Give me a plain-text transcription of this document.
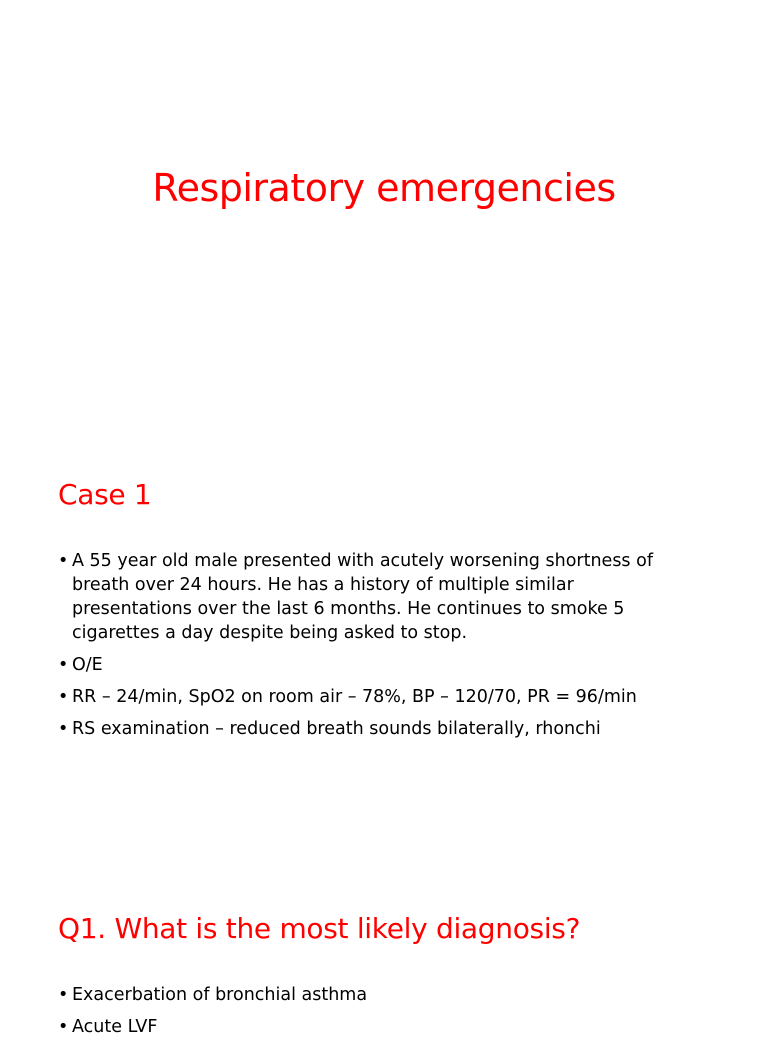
Respiratory emergencies
Case 1
• A 55 year old male presented with acutely worsening shortness of breath over 24 hours. He has a history of multiple similar presentations over the last 6 months. He continues to smoke 5 cigarettes a day despite being asked to stop.
• O/E
• RR – 24/min, SpO2 on room air – 78%, BP – 120/70, PR = 96/min
• RS examination – reduced breath sounds bilaterally, rhonchi
Q1. What is the most likely diagnosis?
• Exacerbation of bronchial asthma
• Acute LVF
